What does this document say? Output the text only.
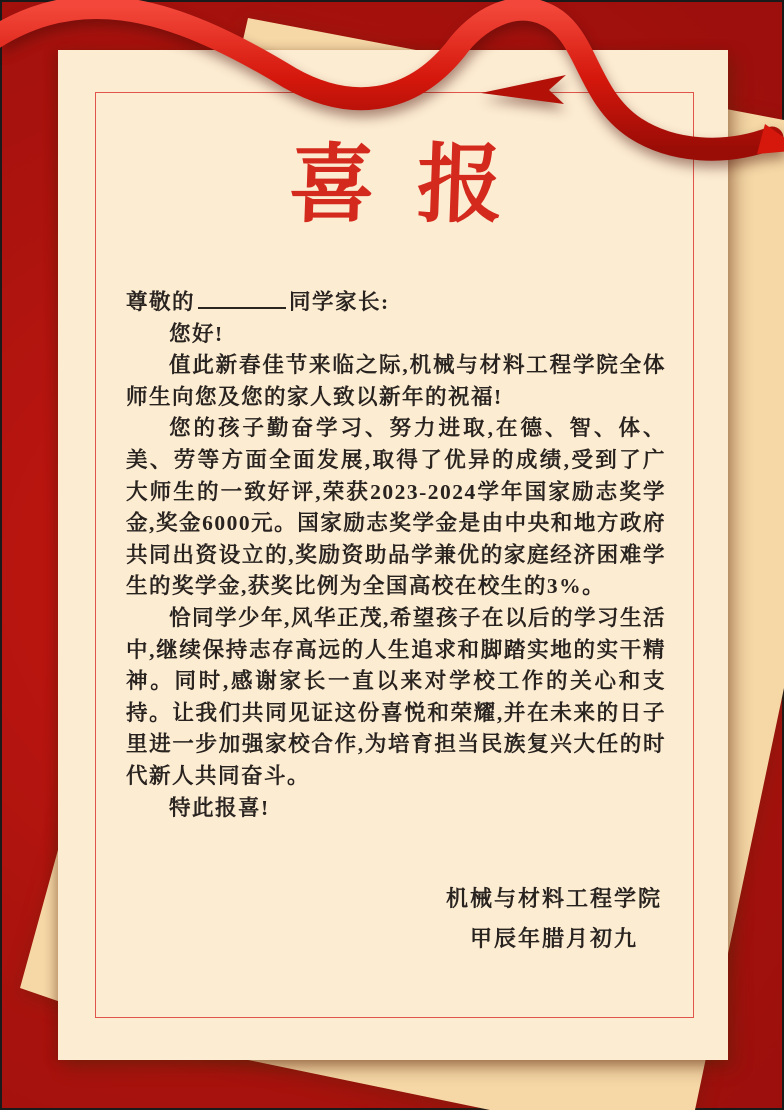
喜报

尊敬的	同学家长:

您好!

值此新春佳节来临之际,机械与材料工程学院全体师生向您及您的家人致以新年的祝福!

您的孩子勤奋学习、努力进取,在德、智、体、美、劳等方面全面发展,取得了优异的成绩,受到了广大师生的一致好评,荣获2023-2024学年国家励志奖学金,奖金6000元。国家励志奖学金是由中央和地方政府共同出资设立的,奖励资助品学兼优的家庭经济困难学生的奖学金,获奖比例为全国高校在校生的3%。

恰同学少年,风华正茂,希望孩子在以后的学习生活中,继续保持志存高远的人生追求和脚踏实地的实干精神。同时,感谢家长一直以来对学校工作的关心和支持。让我们共同见证这份喜悦和荣耀,并在未来的日子里进一步加强家校合作,为培育担当民族复兴大任的时代新人共同奋斗。

特此报喜!

机械与材料工程学院
甲辰年腊月初九
